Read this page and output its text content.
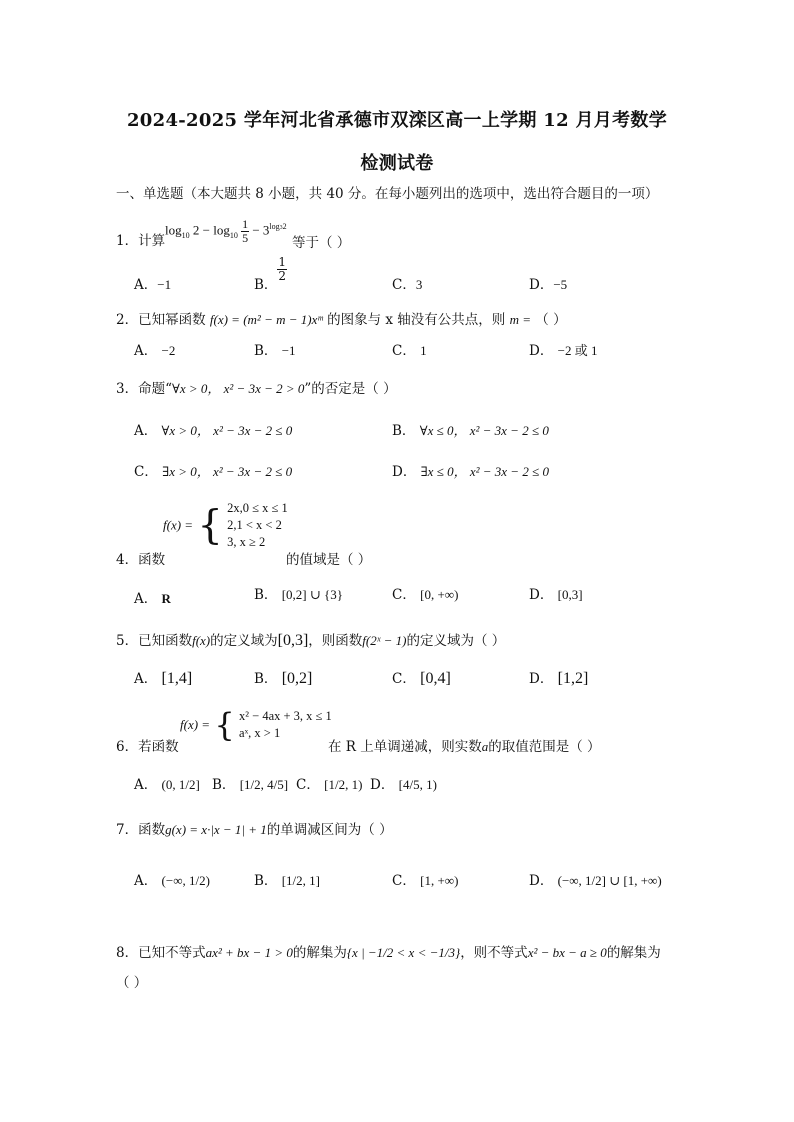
2024-2025 学年河北省承德市双滦区高一上学期 12 月月考数学
检测试卷
一、单选题（本大题共 8 小题，共 40 分。在每小题列出的选项中，选出符合题目的一项）
1．计算
$\log_{10} 2 - \log_{10} \frac{1}{5} - 3^{log32}$
等于（ ）
A．−1	B．
$\frac{1}{2}$
C．3	D．−5
2．已知幂函数 f(x) = (m² − m − 1)xᵐ 的图象与 x 轴没有公共点，则 m = （ ）
A． −2	B． −1	C． 1	D． −2 或 1
3．命题“∀x > 0， x² − 3x − 2 > 0”的否定是（ ）
A． ∀x > 0， x² − 3x − 2 ≤ 0	B． ∀x ≤ 0， x² − 3x − 2 ≤ 0
C． ∃x > 0， x² − 3x − 2 ≤ 0	D． ∃x ≤ 0， x² − 3x − 2 ≤ 0
4．函数
f(x) = { 2x,0 ≤ x ≤ 1
2,1 < x < 2
3, x ≥ 2
的值域是（ ）
A． R	B． [0,2] ∪ {3}	C． [0, +∞)	D． [0,3]
5．已知函数f(x)的定义域为[0,3]，则函数f(2ˣ − 1)的定义域为（ ）
A． [1,4]	B． [0,2]	C． [0,4]	D． [1,2]
6．若函数
f(x) = { x² − 4ax + 3, x ≤ 1
aˣ, x > 1
在 R 上单调递减，则实数a的取值范围是（ ）
A． (0, 1/2] B． [1/2, 4/5] C． [1/2, 1) D． [4/5, 1)
7．函数g(x) = x·|x − 1| + 1的单调减区间为（ ）
A． (−∞, 1/2)	B． [1/2, 1]	C． [1, +∞)	D． (−∞, 1/2] ∪ [1, +∞)
8．已知不等式ax² + bx − 1 > 0的解集为{x | −1/2 < x < −1/3}，则不等式x² − bx − a ≥ 0的解集为
（ ）
